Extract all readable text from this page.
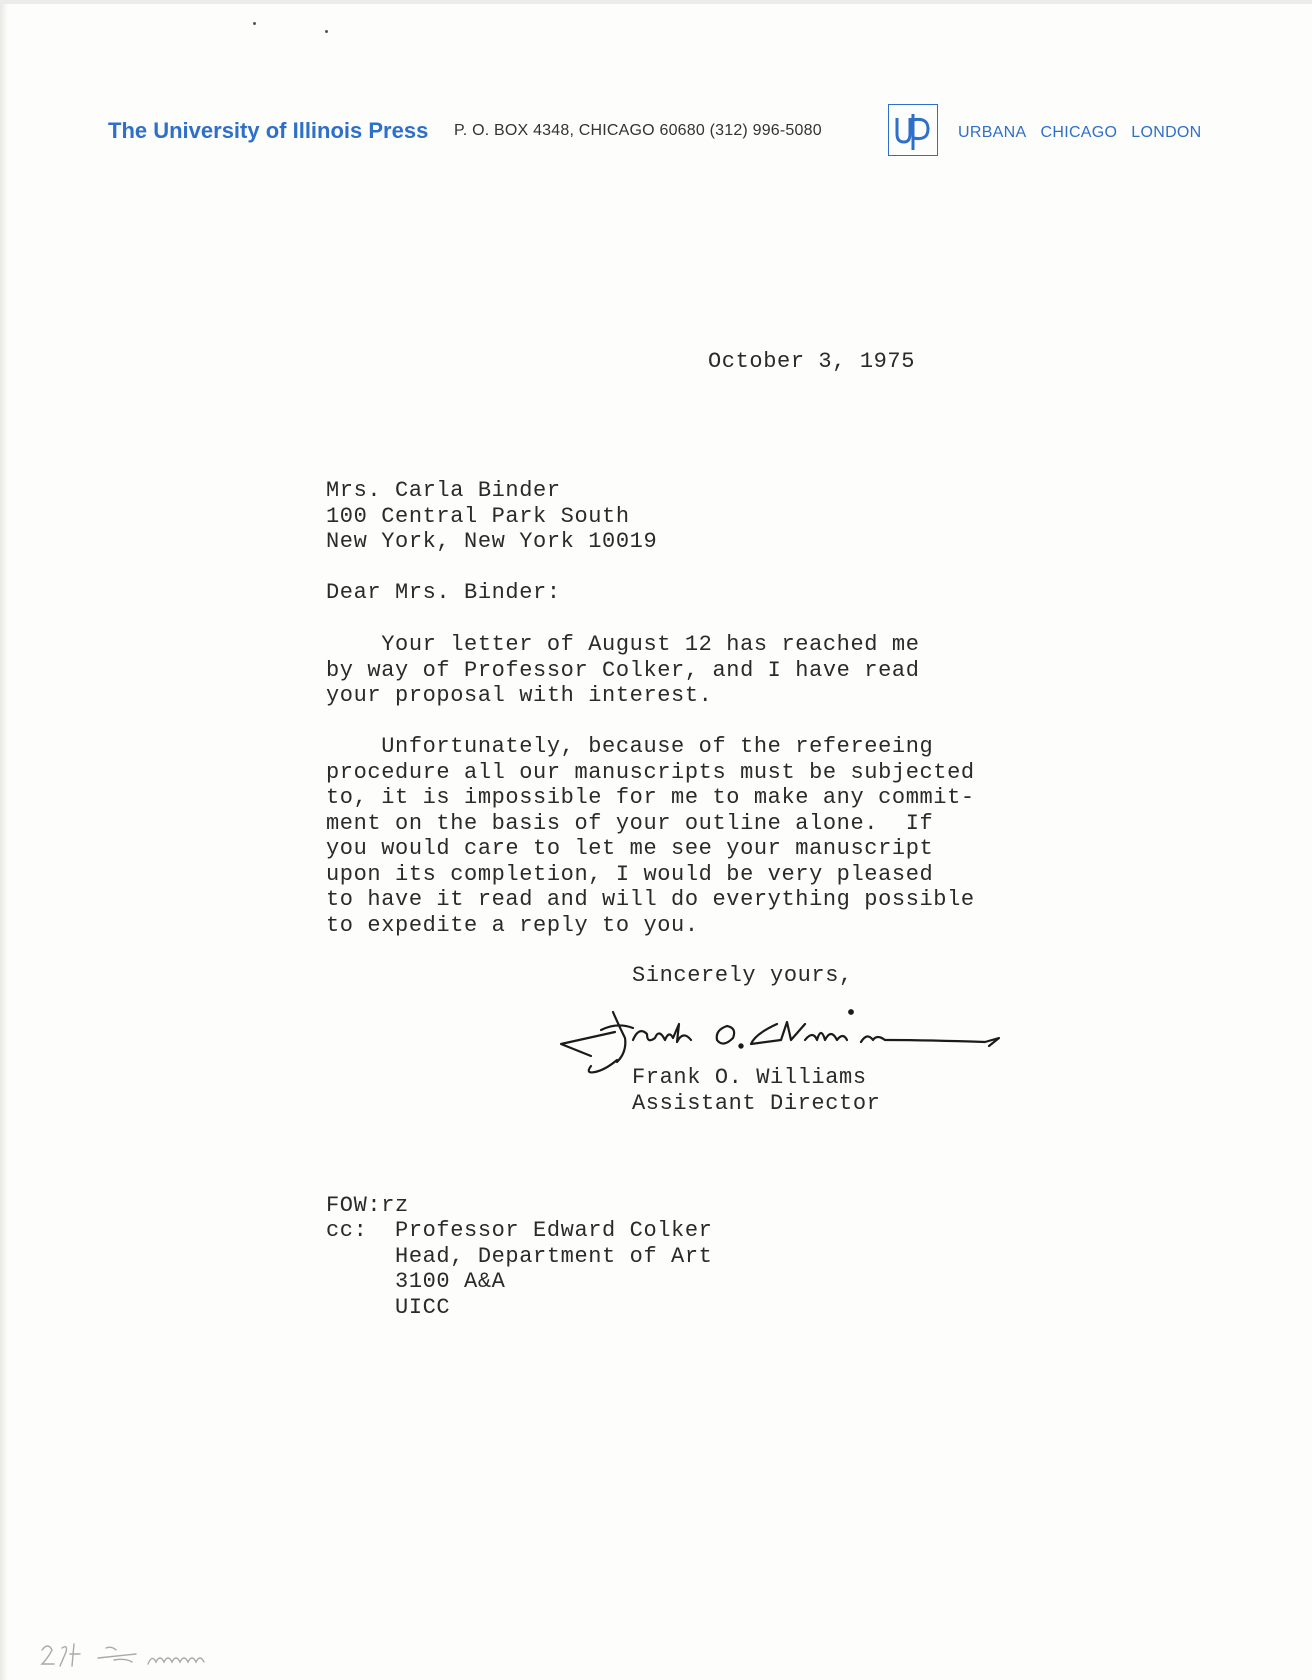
The University of Illinois Press P. O. BOX 4348, CHICAGO 60680 (312) 996-5080	URBANA CHICAGO LONDON
October 3, 1975
Mrs. Carla Binder
100 Central Park South
New York, New York 10019
Dear Mrs. Binder:
Your letter of August 12 has reached me
by way of Professor Colker, and I have read
your proposal with interest.
Unfortunately, because of the refereeing
procedure all our manuscripts must be subjected
to, it is impossible for me to make any commit-
ment on the basis of your outline alone.  If
you would care to let me see your manuscript
upon its completion, I would be very pleased
to have it read and will do everything possible
to expedite a reply to you.
Sincerely yours,
Frank O. Williams
Assistant Director
FOW:rz
cc:  Professor Edward Colker
Head, Department of Art
3100 A&A
UICC
